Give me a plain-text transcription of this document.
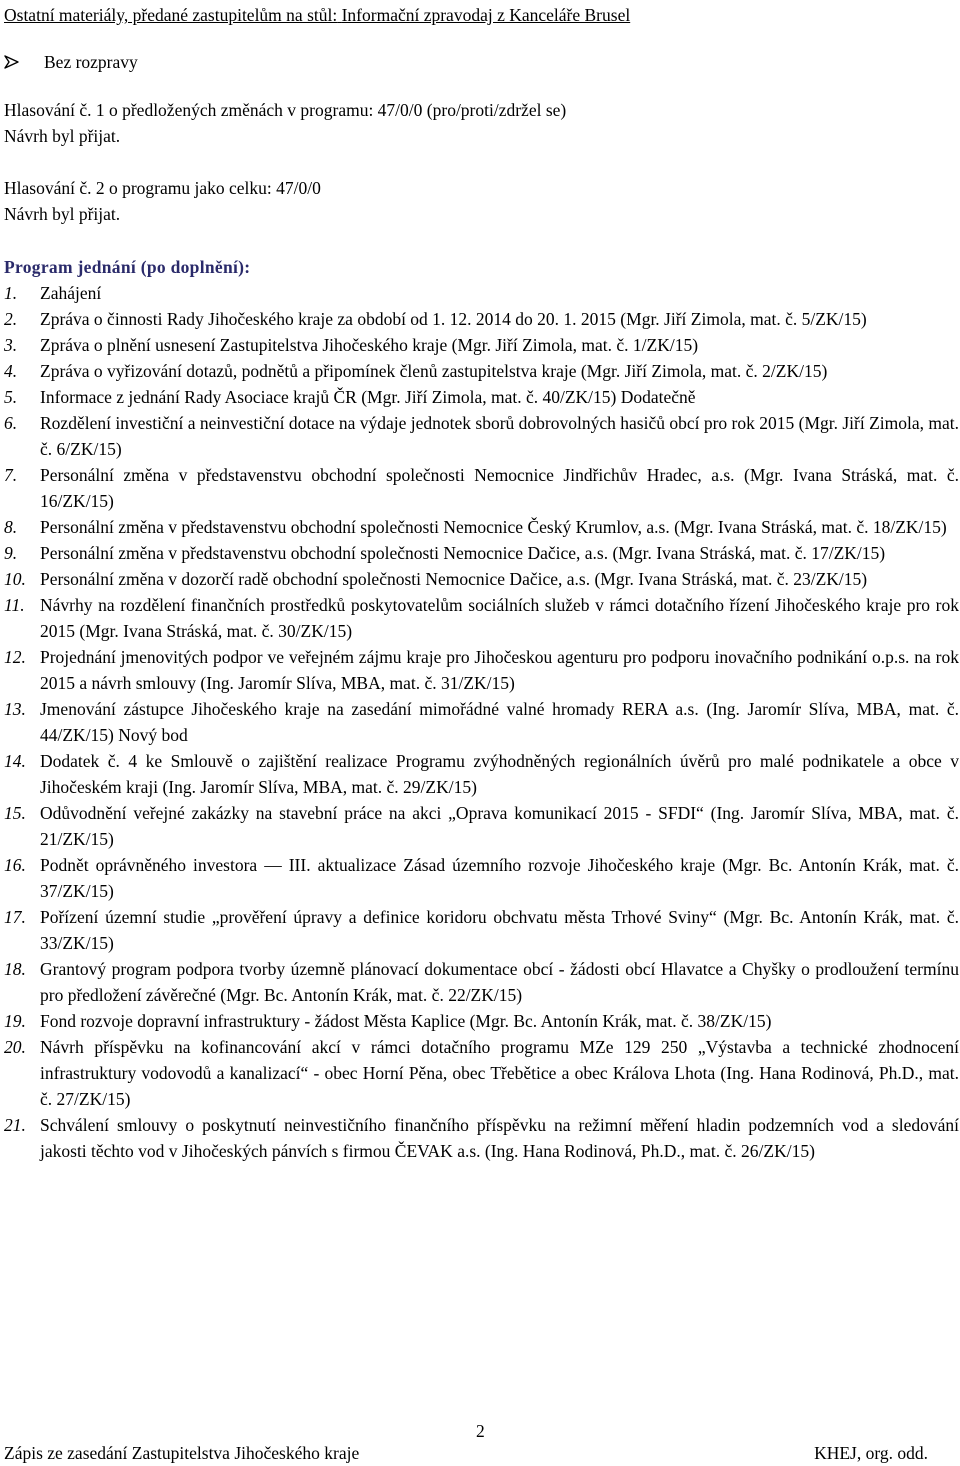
Ostatní materiály, předané zastupitelům na stůl: Informační zpravodaj z Kanceláře Brusel
Bez rozpravy
Hlasování č. 1 o předložených změnách v programu: 47/0/0 (pro/proti/zdržel se)
Návrh byl přijat.
Hlasování č. 2 o programu jako celku: 47/0/0
Návrh byl přijat.
Program jednání (po doplnění):
1.	Zahájení
2.	Zpráva o činnosti Rady Jihočeského kraje za období od 1. 12. 2014 do 20. 1. 2015 (Mgr. Jiří Zimola, mat. č. 5/ZK/15)
3.	Zpráva o plnění usnesení Zastupitelstva Jihočeského kraje (Mgr. Jiří Zimola, mat. č. 1/ZK/15)
4.	Zpráva o vyřizování dotazů, podnětů a připomínek členů zastupitelstva kraje (Mgr. Jiří Zimola, mat. č. 2/ZK/15)
5.	Informace z jednání Rady Asociace krajů ČR (Mgr. Jiří Zimola, mat. č. 40/ZK/15) Dodatečně
6.	Rozdělení investiční a neinvestiční dotace na výdaje jednotek sborů dobrovolných hasičů obcí pro rok 2015 (Mgr. Jiří Zimola, mat. č. 6/ZK/15)
7.	Personální změna v představenstvu obchodní společnosti Nemocnice Jindřichův Hradec, a.s. (Mgr. Ivana Stráská, mat. č. 16/ZK/15)
8.	Personální změna v představenstvu obchodní společnosti Nemocnice Český Krumlov, a.s. (Mgr. Ivana Stráská, mat. č. 18/ZK/15)
9.	Personální změna v představenstvu obchodní společnosti Nemocnice Dačice, a.s. (Mgr. Ivana Stráská, mat. č. 17/ZK/15)
10. Personální změna v dozorčí radě obchodní společnosti Nemocnice Dačice, a.s. (Mgr. Ivana Stráská, mat. č. 23/ZK/15)
11. Návrhy na rozdělení finančních prostředků poskytovatelům sociálních služeb v rámci dotačního řízení Jihočeského kraje pro rok 2015 (Mgr. Ivana Stráská, mat. č. 30/ZK/15)
12. Projednání jmenovitých podpor ve veřejném zájmu kraje pro Jihočeskou agenturu pro podporu inovačního podnikání o.p.s. na rok 2015 a návrh smlouvy (Ing. Jaromír Slíva, MBA, mat. č. 31/ZK/15)
13. Jmenování zástupce Jihočeského kraje na zasedání mimořádné valné hromady RERA a.s. (Ing. Jaromír Slíva, MBA, mat. č. 44/ZK/15) Nový bod
14. Dodatek č. 4 ke Smlouvě o zajištění realizace Programu zvýhodněných regionálních úvěrů pro malé podnikatele a obce v Jihočeském kraji (Ing. Jaromír Slíva, MBA, mat. č. 29/ZK/15)
15. Odůvodnění veřejné zakázky na stavební práce na akci „Oprava komunikací 2015 - SFDI“ (Ing. Jaromír Slíva, MBA, mat. č. 21/ZK/15)
16. Podnět oprávněného investora — III. aktualizace Zásad územního rozvoje Jihočeského kraje (Mgr. Bc. Antonín Krák, mat. č. 37/ZK/15)
17. Pořízení územní studie „prověření úpravy a definice koridoru obchvatu města Trhové Sviny“ (Mgr. Bc. Antonín Krák, mat. č. 33/ZK/15)
18. Grantový program podpora tvorby územně plánovací dokumentace obcí - žádosti obcí Hlavatce a Chyšky o prodloužení termínu pro předložení závěrečné (Mgr. Bc. Antonín Krák, mat. č. 22/ZK/15)
19. Fond rozvoje dopravní infrastruktury - žádost Města Kaplice (Mgr. Bc. Antonín Krák, mat. č. 38/ZK/15)
20. Návrh příspěvku na kofinancování akcí v rámci dotačního programu MZe 129 250 „Výstavba a technické zhodnocení infrastruktury vodovodů a kanalizací“ - obec Horní Pěna, obec Třebětice a obec Králova Lhota (Ing. Hana Rodinová, Ph.D., mat. č. 27/ZK/15)
21. Schválení smlouvy o poskytnutí neinvestičního finančního příspěvku na režimní měření hladin podzemních vod a sledování jakosti těchto vod v Jihočeských pánvích s firmou ČEVAK a.s. (Ing. Hana Rodinová, Ph.D., mat. č. 26/ZK/15)
2
Zápis ze zasedání Zastupitelstva Jihočeského kraje	KHEJ, org. odd.
